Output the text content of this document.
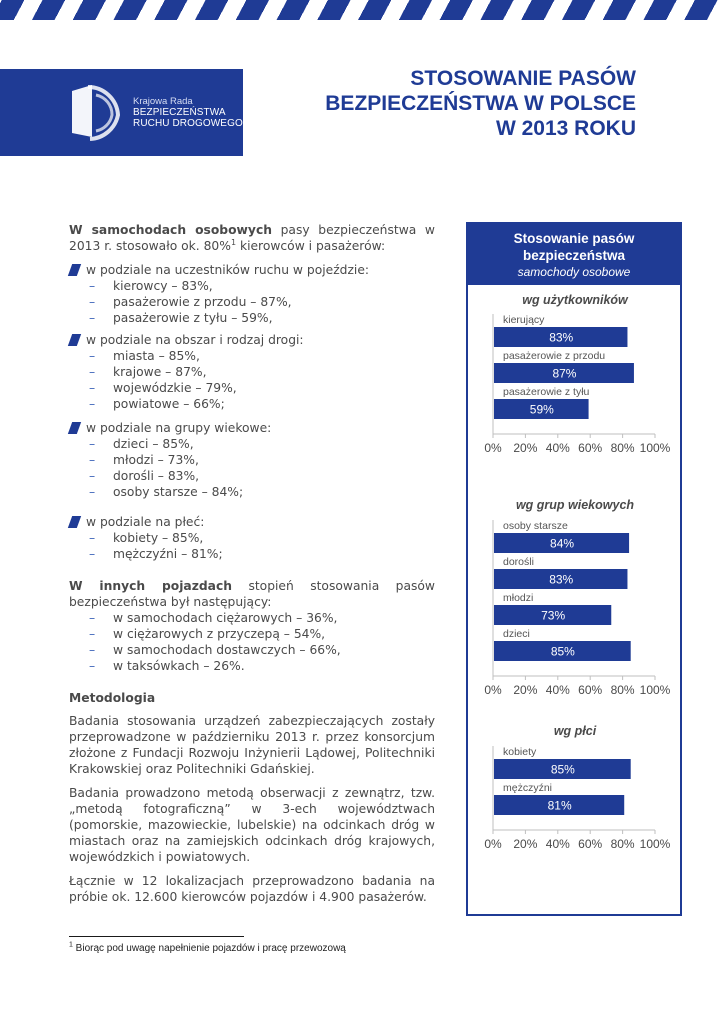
Krajowa Rada
BEZPIECZEŃSTWA
RUCHU DROGOWEGO
STOSOWANIE PASÓW
BEZPIECZEŃSTWA W POLSCE
W 2013 ROKU

W samochodach osobowych pasy bezpieczeństwa w 2013 r. stosowało ok. 80%$^1$ kierowców i pasażerów:

w podziale na uczestników ruchu w pojeździe:

– kierowcy – 83%,

– pasażerowie z przodu – 87%,

– pasażerowie z tyłu – 59%,

w podziale na obszar i rodzaj drogi:

– miasta – 85%,

– krajowe – 87%,

– wojewódzkie – 79%,

– powiatowe – 66%;

w podziale na grupy wiekowe:

– dzieci – 85%,

– młodzi – 73%,

– dorośli – 83%,

– osoby starsze – 84%;

w podziale na płeć:

– kobiety – 85%,

– mężczyźni – 81%;

W innych pojazdach stopień stosowania pasów bezpieczeństwa był następujący:

– w samochodach ciężarowych – 36%,

– w ciężarowych z przyczepą – 54%,

– w samochodach dostawczych – 66%,

– w taksówkach – 26%.

Metodologia

Badania stosowania urządzeń zabezpieczających zostały przeprowadzone w październiku 2013 r. przez konsorcjum złożone z Fundacji Rozwoju Inżynierii Lądowej, Politechniki Krakowskiej oraz Politechniki Gdańskiej.

Badania prowadzono metodą obserwacji z zewnątrz, tzw. „metodą fotograficzną” w 3-ech województwach (pomorskie, mazowieckie, lubelskie) na odcinkach dróg w miastach oraz na zamiejskich odcinkach dróg krajowych, wojewódzkich i powiatowych.

Łącznie w 12 lokalizacjach przeprowadzono badania na próbie ok. 12.600 kierowców pojazdów i 4.900 pasażerów.

$^1$ Biorąc pod uwagę napełnienie pojazdów i pracę przewozową
Stosowanie pasów bezpieczeństwa
samochody osobowe
wg użytkowników
wg grup wiekowych
wg płci
0% 20% 40% 60% 80% 100%
kierujący
83%
pasażerowie z przodu
87%
pasażerowie z tyłu
59%
0% 20% 40% 60% 80% 100%
osoby starsze
84%
dorośli
83%
młodzi
73%
dzieci
85%
0% 20% 40% 60% 80% 100%
kobiety
85%
mężczyźni
81%
